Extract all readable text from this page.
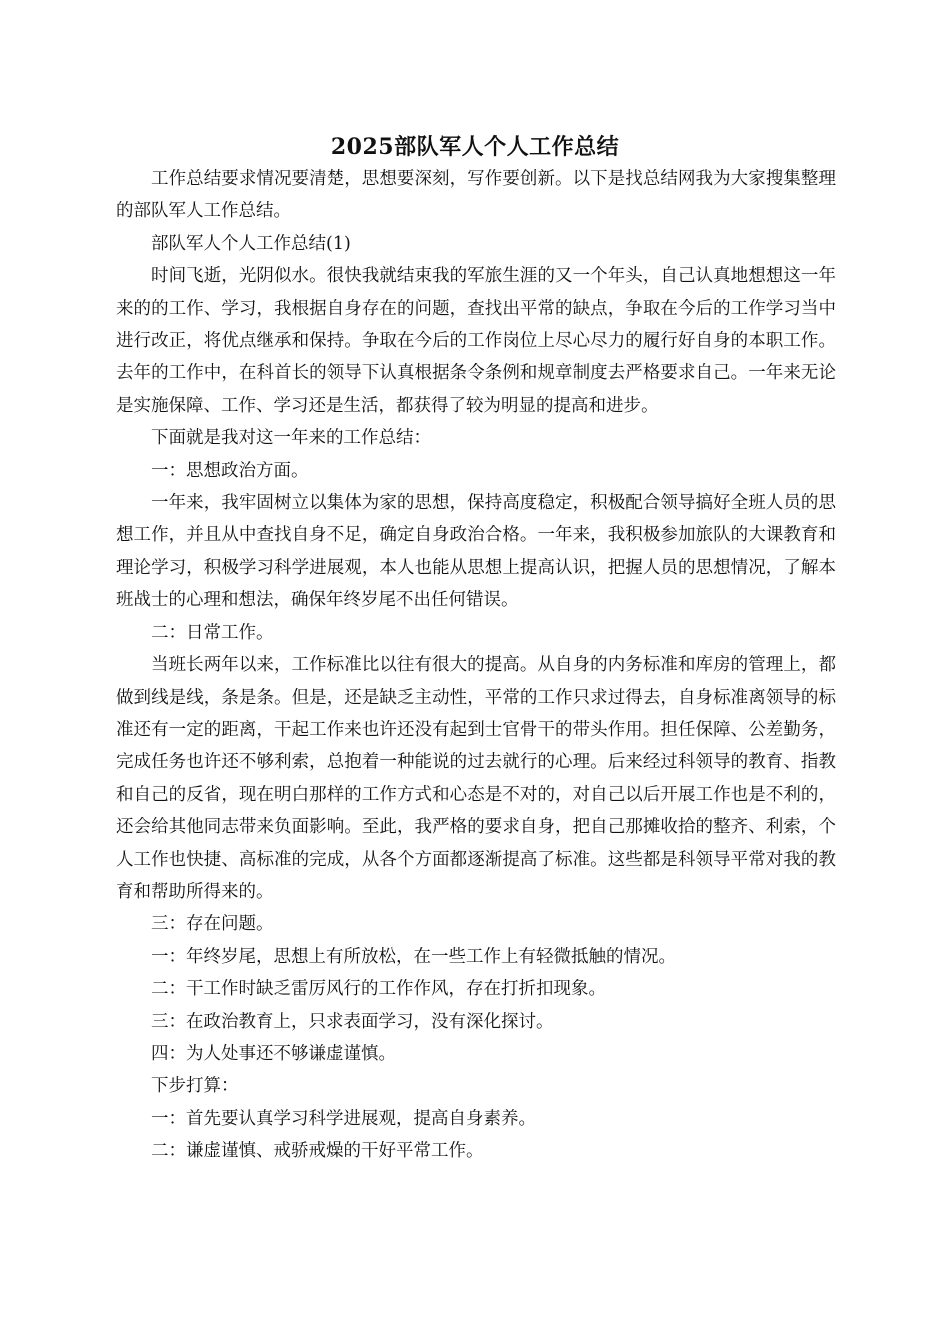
2025部队军人个人工作总结

工作总结要求情况要清楚，思想要深刻，写作要创新。以下是找总结网我为大家搜集整理的部队军人工作总结。

部队军人个人工作总结(1)

时间飞逝，光阴似水。很快我就结束我的军旅生涯的又一个年头，自己认真地想想这一年来的的工作、学习，我根据自身存在的问题，查找出平常的缺点，争取在今后的工作学习当中进行改正，将优点继承和保持。争取在今后的工作岗位上尽心尽力的履行好自身的本职工作。去年的工作中，在科首长的领导下认真根据条令条例和规章制度去严格要求自己。一年来无论是实施保障、工作、学习还是生活，都获得了较为明显的提高和进步。

下面就是我对这一年来的工作总结：

一：思想政治方面。

一年来，我牢固树立以集体为家的思想，保持高度稳定，积极配合领导搞好全班人员的思想工作，并且从中查找自身不足，确定自身政治合格。一年来，我积极参加旅队的大课教育和理论学习，积极学习科学进展观，本人也能从思想上提高认识，把握人员的思想情况，了解本班战士的心理和想法，确保年终岁尾不出任何错误。

二：日常工作。

当班长两年以来，工作标准比以往有很大的提高。从自身的内务标准和库房的管理上，都做到线是线，条是条。但是，还是缺乏主动性，平常的工作只求过得去，自身标准离领导的标准还有一定的距离，干起工作来也许还没有起到士官骨干的带头作用。担任保障、公差勤务，完成任务也许还不够利索，总抱着一种能说的过去就行的心理。后来经过科领导的教育、指教和自己的反省，现在明白那样的工作方式和心态是不对的，对自己以后开展工作也是不利的，还会给其他同志带来负面影响。至此，我严格的要求自身，把自己那摊收拾的整齐、利索，个人工作也快捷、高标准的完成，从各个方面都逐渐提高了标准。这些都是科领导平常对我的教育和帮助所得来的。

三：存在问题。

一：年终岁尾，思想上有所放松，在一些工作上有轻微抵触的情况。

二：干工作时缺乏雷厉风行的工作作风，存在打折扣现象。

三：在政治教育上，只求表面学习，没有深化探讨。

四：为人处事还不够谦虚谨慎。

下步打算：

一：首先要认真学习科学进展观，提高自身素养。

二：谦虚谨慎、戒骄戒燥的干好平常工作。
